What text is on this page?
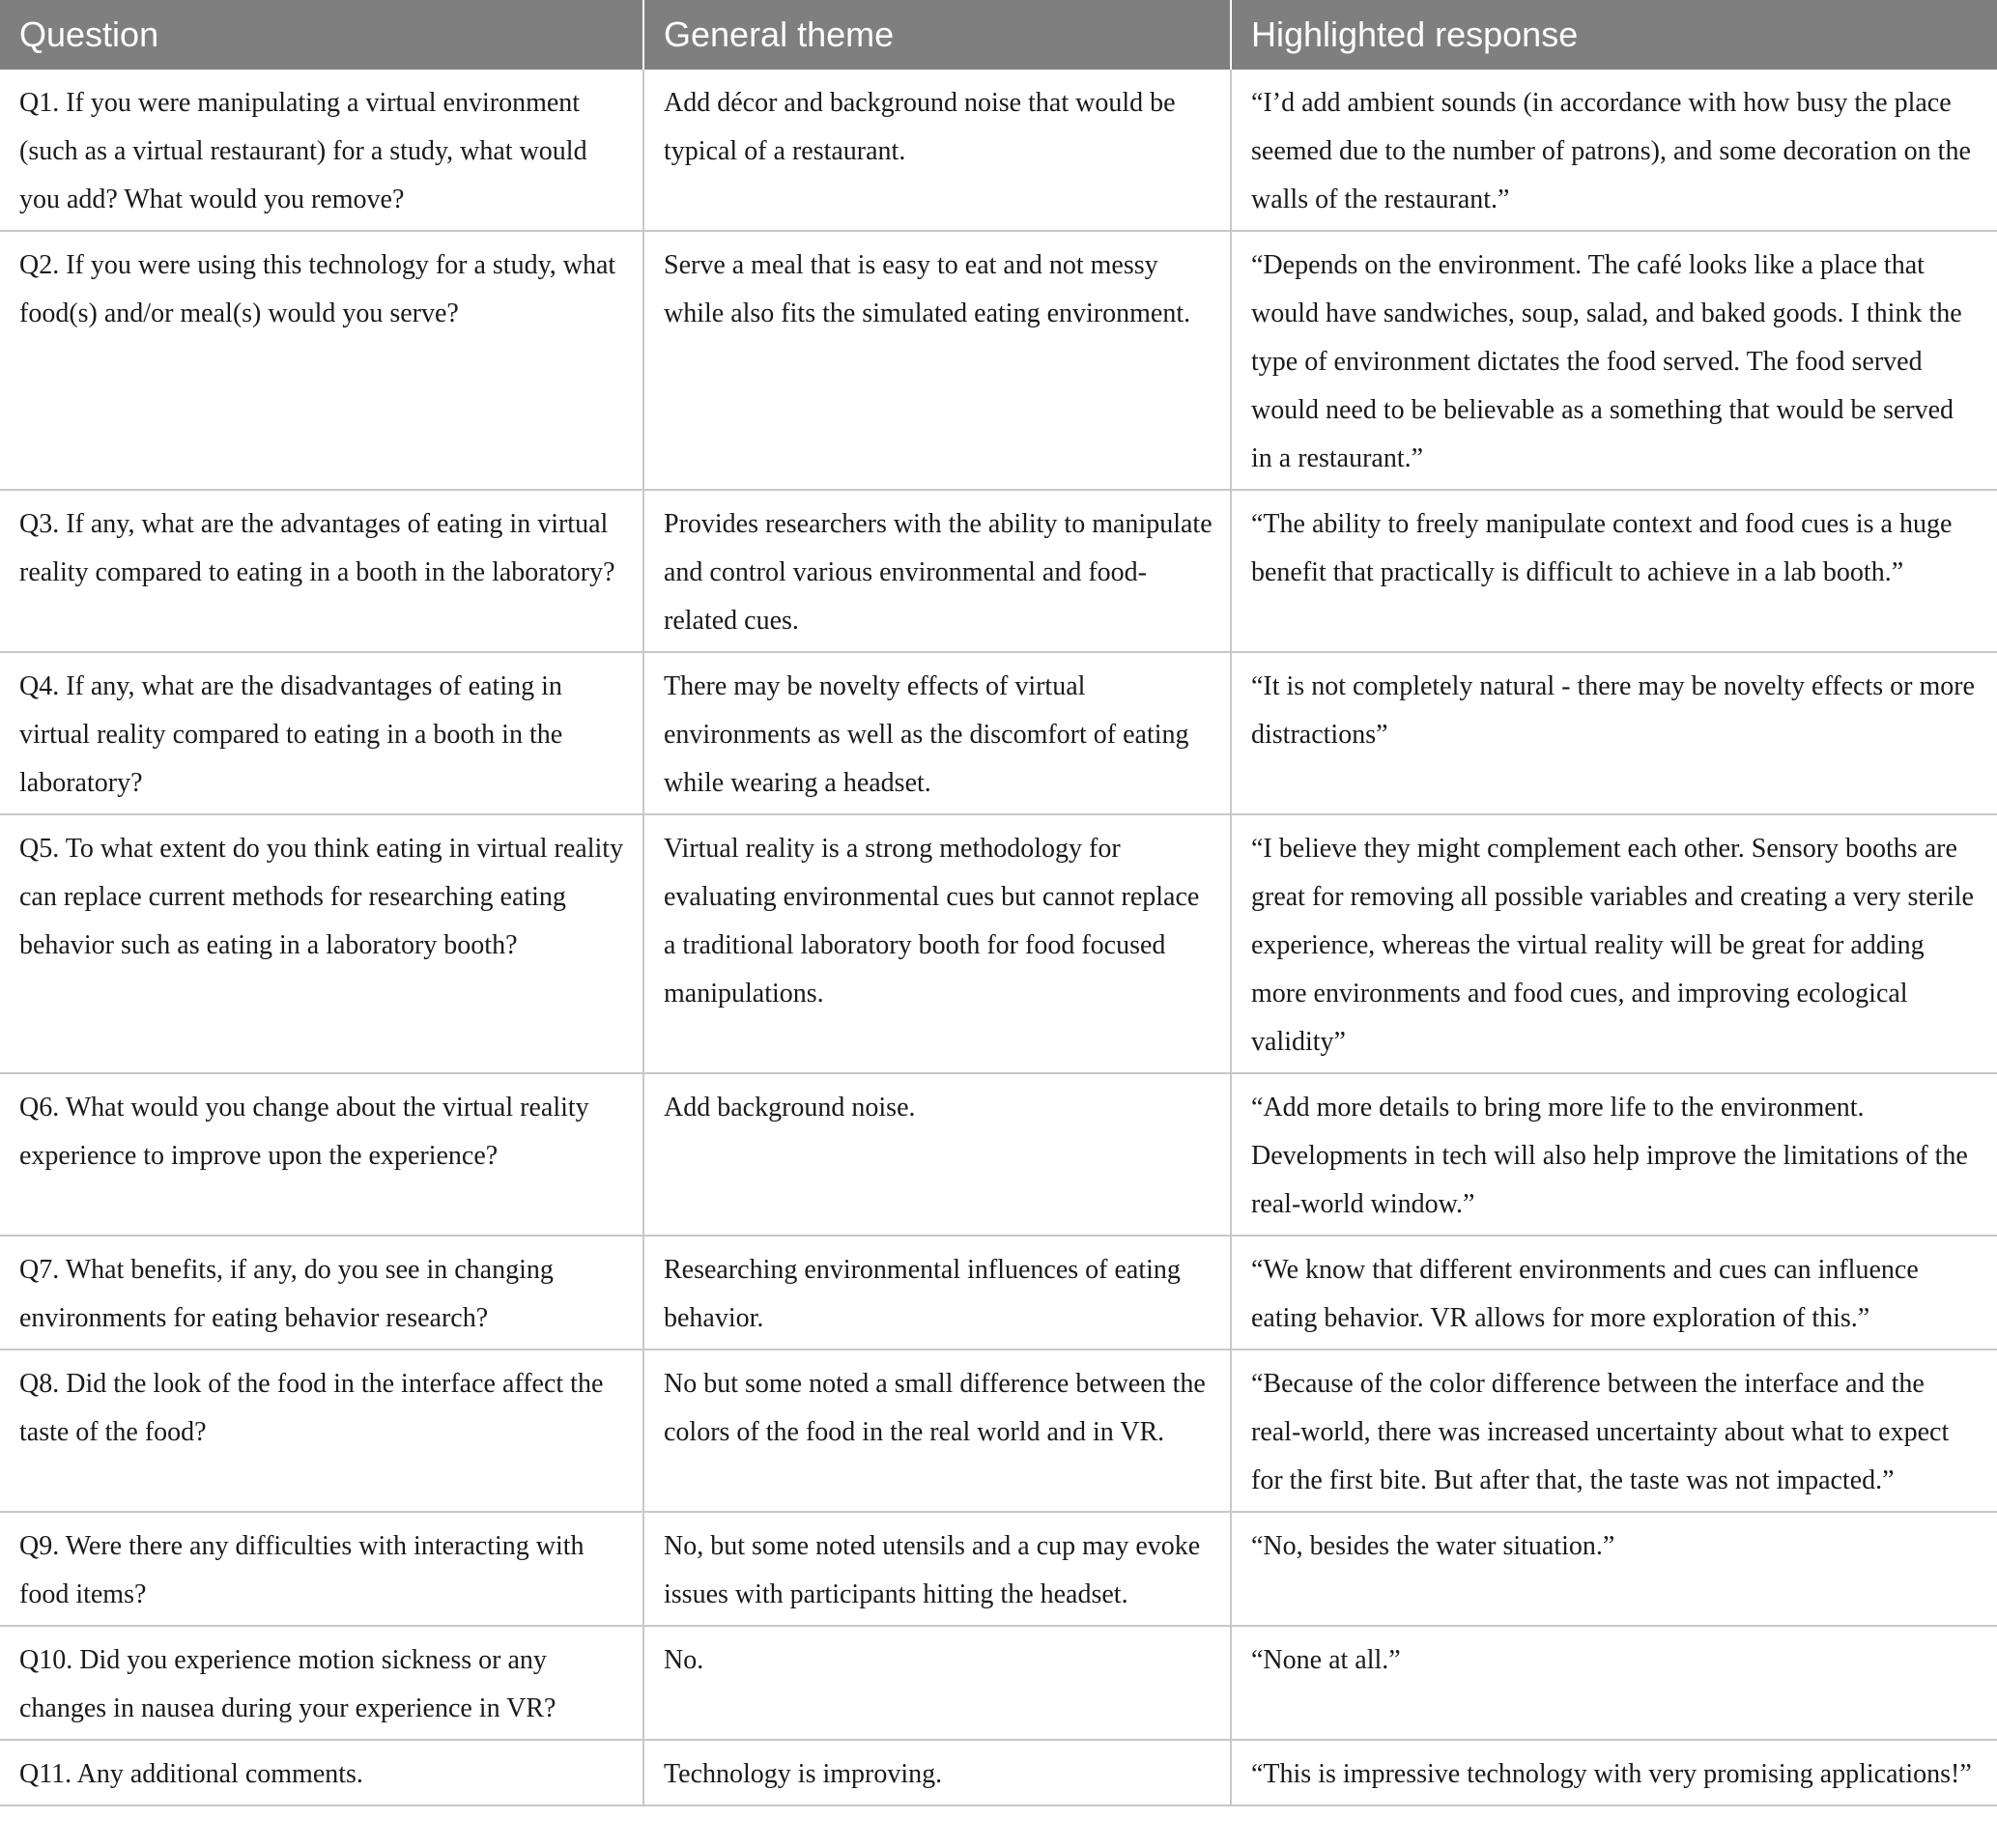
Question	General theme	Highlighted response
Q1. If you were manipulating a virtual environment (such as a virtual restaurant) for a study, what would you add? What would you remove?	Add décor and background noise that would be typical of a restaurant.	“I’d add ambient sounds (in accordance with how busy the place seemed due to the number of patrons), and some decoration on the walls of the restaurant.”
Q2. If you were using this technology for a study, what food(s) and/or meal(s) would you serve?	Serve a meal that is easy to eat and not messy while also fits the simulated eating environment.	“Depends on the environment. The café looks like a place that would have sandwiches, soup, salad, and baked goods. I think the type of environment dictates the food served. The food served would need to be believable as a something that would be served in a restaurant.”
Q3. If any, what are the advantages of eating in virtual reality compared to eating in a booth in the laboratory?	Provides researchers with the ability to manipulate and control various environmental and food-related cues.	“The ability to freely manipulate context and food cues is a huge benefit that practically is difficult to achieve in a lab booth.”
Q4. If any, what are the disadvantages of eating in virtual reality compared to eating in a booth in the laboratory?	There may be novelty effects of virtual environments as well as the discomfort of eating while wearing a headset.	“It is not completely natural - there may be novelty effects or more distractions”
Q5. To what extent do you think eating in virtual reality can replace current methods for researching eating behavior such as eating in a laboratory booth?	Virtual reality is a strong methodology for evaluating environmental cues but cannot replace a traditional laboratory booth for food focused manipulations.	“I believe they might complement each other. Sensory booths are great for removing all possible variables and creating a very sterile experience, whereas the virtual reality will be great for adding more environments and food cues, and improving ecological validity”
Q6. What would you change about the virtual reality experience to improve upon the experience?	Add background noise.	“Add more details to bring more life to the environment. Developments in tech will also help improve the limitations of the real-world window.”
Q7. What benefits, if any, do you see in changing environments for eating behavior research?	Researching environmental influences of eating behavior.	“We know that different environments and cues can influence eating behavior. VR allows for more exploration of this.”
Q8. Did the look of the food in the interface affect the taste of the food?	No but some noted a small difference between the colors of the food in the real world and in VR.	“Because of the color difference between the interface and the real-world, there was increased uncertainty about what to expect for the first bite. But after that, the taste was not impacted.”
Q9. Were there any difficulties with interacting with food items?	No, but some noted utensils and a cup may evoke issues with participants hitting the headset.	“No, besides the water situation.”
Q10. Did you experience motion sickness or any changes in nausea during your experience in VR?	No.	“None at all.”
Q11. Any additional comments.	Technology is improving.	“This is impressive technology with very promising applications!”
